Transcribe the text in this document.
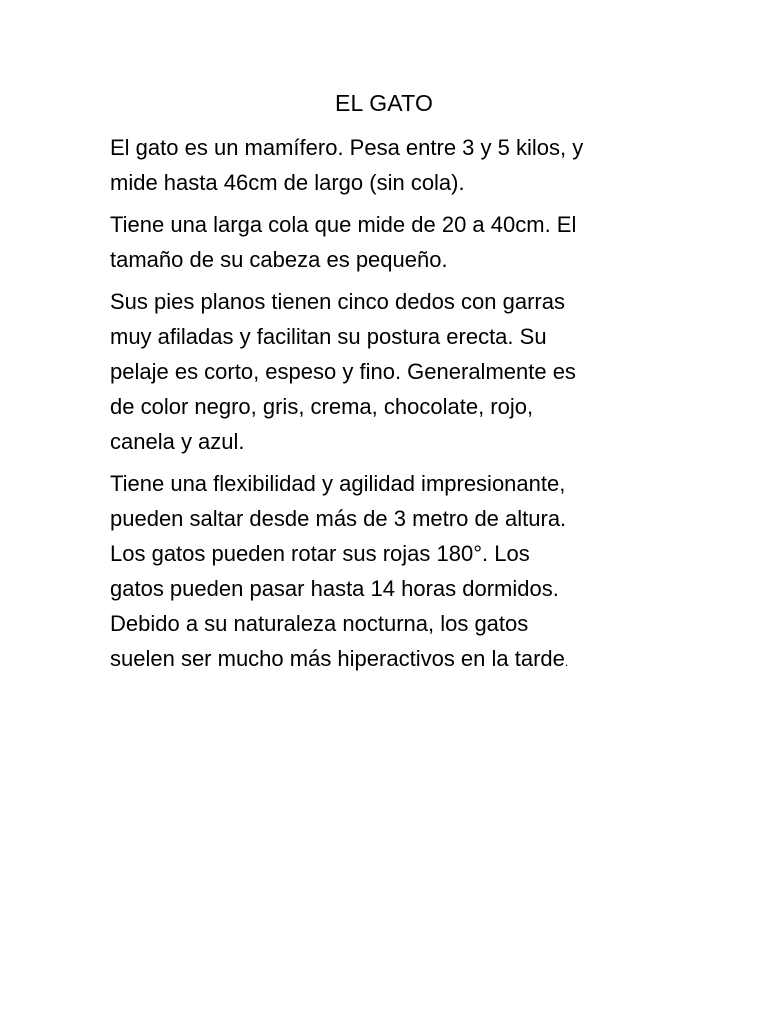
EL GATO

El gato es un mamífero. Pesa entre 3 y 5 kilos, y
mide hasta 46cm de largo (sin cola).

Tiene una larga cola que mide de 20 a 40cm. El
tamaño de su cabeza es pequeño.

Sus pies planos tienen cinco dedos con garras
muy afiladas y facilitan su postura erecta. Su
pelaje es corto, espeso y fino. Generalmente es
de color negro, gris, crema, chocolate, rojo,
canela y azul.

Tiene una flexibilidad y agilidad impresionante,
pueden saltar desde más de 3 metro de altura.
Los gatos pueden rotar sus rojas 180°. Los
gatos pueden pasar hasta 14 horas dormidos.
Debido a su naturaleza nocturna, los gatos
suelen ser mucho más hiperactivos en la tarde.
